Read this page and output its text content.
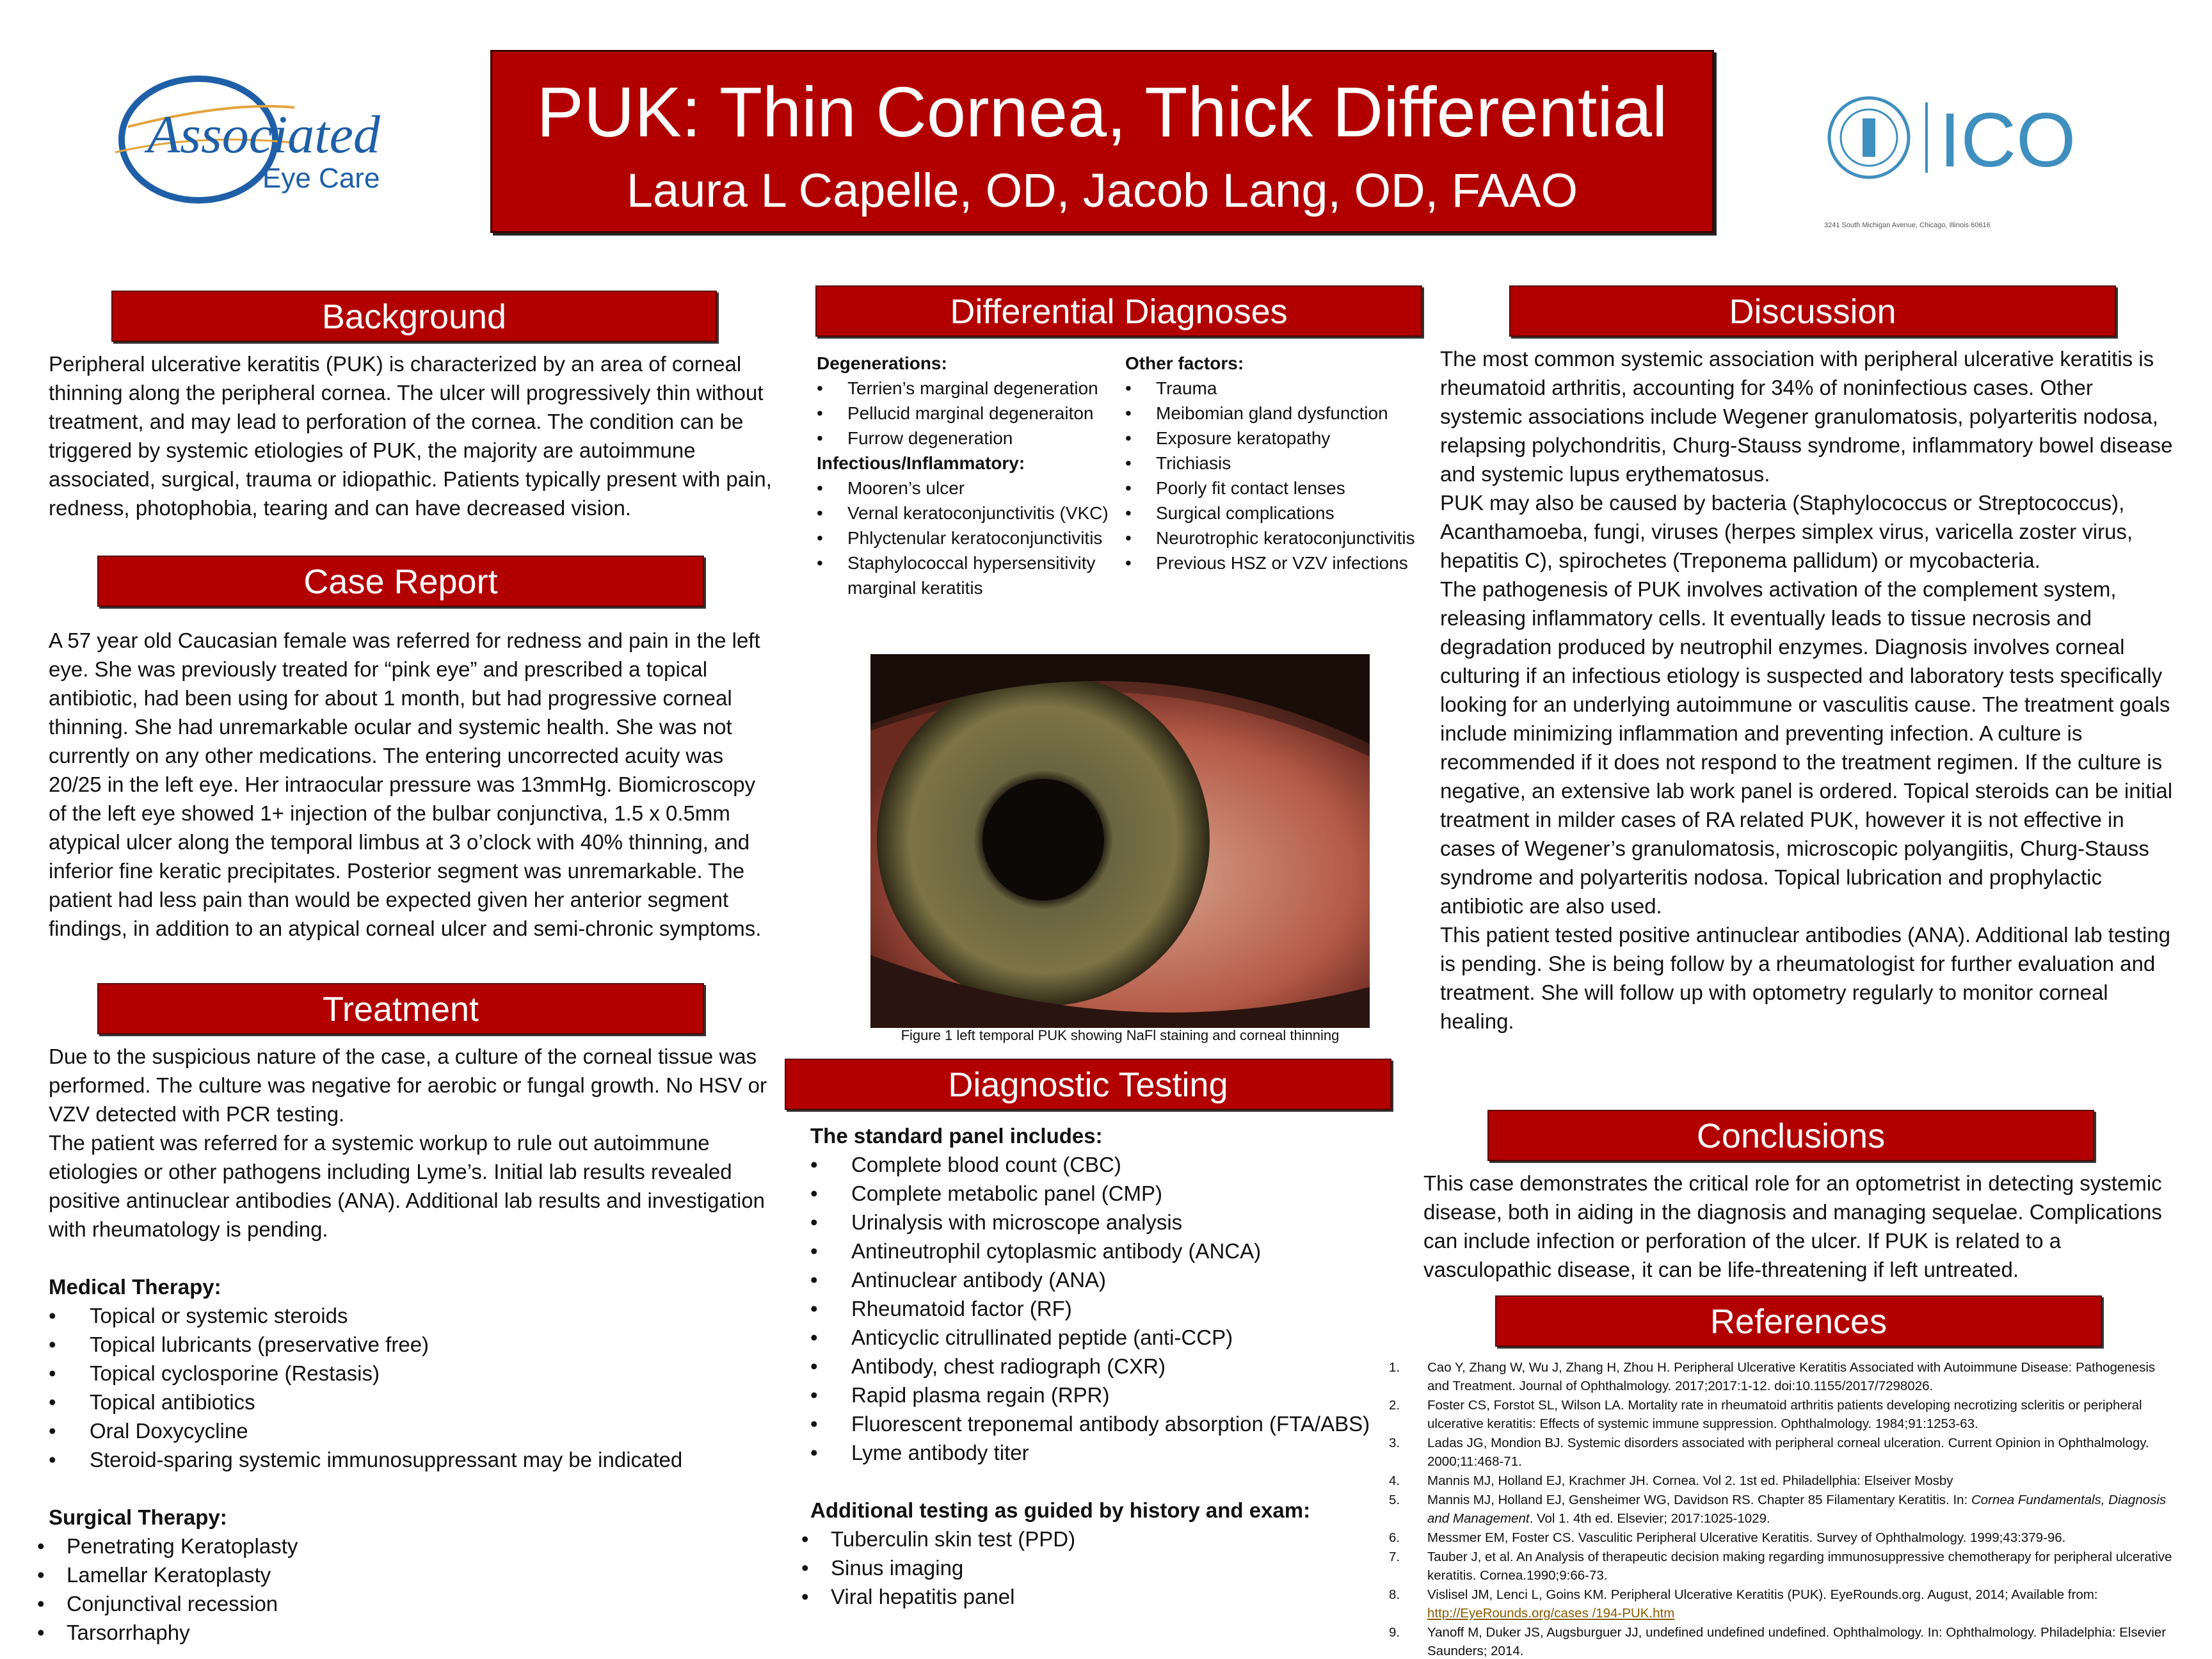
Associated
Eye Care	ICO
3241 South Michigan Avenue, Chicago, Illinois 60616
PUK: Thin Cornea, Thick Differential
Laura L Capelle, OD, Jacob Lang, OD, FAAO
Background
Peripheral ulcerative keratitis (PUK) is characterized by an area of corneal thinning along the peripheral cornea. The ulcer will progressively thin without treatment, and may lead to perforation of the cornea. The condition can be triggered by systemic etiologies of PUK, the majority are autoimmune associated, surgical, trauma or idiopathic. Patients typically present with pain, redness, photophobia, tearing and can have decreased vision.
Case Report
A 57 year old Caucasian female was referred for redness and pain in the left eye. She was previously treated for “pink eye” and prescribed a topical antibiotic, had been using for about 1 month, but had progressive corneal thinning. She had unremarkable ocular and systemic health. She was not currently on any other medications. The entering uncorrected acuity was 20/25 in the left eye. Her intraocular pressure was 13mmHg. Biomicroscopy of the left eye showed 1+ injection of the bulbar conjunctiva, 1.5 x 0.5mm atypical ulcer along the temporal limbus at 3 o’clock with 40% thinning, and inferior fine keratic precipitates. Posterior segment was unremarkable. The patient had less pain than would be expected given her anterior segment findings, in addition to an atypical corneal ulcer and semi-chronic symptoms.
Treatment

Due to the suspicious nature of the case, a culture of the corneal tissue was performed. The culture was negative for aerobic or fungal growth. No HSV or VZV detected with PCR testing.

The patient was referred for a systemic workup to rule out autoimmune etiologies or other pathogens including Lyme’s. Initial lab results revealed positive antinuclear antibodies (ANA). Additional lab results and investigation with rheumatology is pending.

Medical Therapy:

• Topical or systemic steroids
• Topical lubricants (preservative free)
• Topical cyclosporine (Restasis)
• Topical antibiotics
• Oral Doxycycline
• Steroid-sparing systemic immunosuppressant may be indicated

Surgical Therapy:

• Penetrating Keratoplasty
• Lamellar Keratoplasty
• Conjunctival recession
• Tarsorrhaphy
Differential Diagnoses

Degenerations:

• Terrien’s marginal degeneration
• Pellucid marginal degeneraiton
• Furrow degeneration

Infectious/Inflammatory:

• Mooren’s ulcer
• Vernal keratoconjunctivitis (VKC)
• Phlyctenular keratoconjunctivitis
• Staphylococcal hypersensitivity marginal keratitis

Other factors:

• Trauma
• Meibomian gland dysfunction
• Exposure keratopathy
• Trichiasis
• Poorly fit contact lenses
• Surgical complications
• Neurotrophic keratoconjunctivitis
• Previous HSZ or VZV infections
Figure 1 left temporal PUK showing NaFl staining and corneal thinning
Diagnostic Testing

The standard panel includes:

• Complete blood count (CBC)
• Complete metabolic panel (CMP)
• Urinalysis with microscope analysis
• Antineutrophil cytoplasmic antibody (ANCA)
• Antinuclear antibody (ANA)
• Rheumatoid factor (RF)
• Anticyclic citrullinated peptide (anti-CCP)
• Antibody, chest radiograph (CXR)
• Rapid plasma regain (RPR)
• Fluorescent treponemal antibody absorption (FTA/ABS)
• Lyme antibody titer

Additional testing as guided by history and exam:

• Tuberculin skin test (PPD)
• Sinus imaging
• Viral hepatitis panel
Discussion

The most common systemic association with peripheral ulcerative keratitis is rheumatoid arthritis, accounting for 34% of noninfectious cases. Other systemic associations include Wegener granulomatosis, polyarteritis nodosa, relapsing polychondritis, Churg-Stauss syndrome, inflammatory bowel disease and systemic lupus erythematosus.

PUK may also be caused by bacteria (Staphylococcus or Streptococcus), Acanthamoeba, fungi, viruses (herpes simplex virus, varicella zoster virus, hepatitis C), spirochetes (Treponema pallidum) or mycobacteria.

The pathogenesis of PUK involves activation of the complement system, releasing inflammatory cells. It eventually leads to tissue necrosis and degradation produced by neutrophil enzymes. Diagnosis involves corneal culturing if an infectious etiology is suspected and laboratory tests specifically looking for an underlying autoimmune or vasculitis cause. The treatment goals include minimizing inflammation and preventing infection. A culture is recommended if it does not respond to the treatment regimen. If the culture is negative, an extensive lab work panel is ordered. Topical steroids can be initial treatment in milder cases of RA related PUK, however it is not effective in cases of Wegener’s granulomatosis, microscopic polyangiitis, Churg-Stauss syndrome and polyarteritis nodosa. Topical lubrication and prophylactic antibiotic are also used.

This patient tested positive antinuclear antibodies (ANA). Additional lab testing is pending. She is being follow by a rheumatologist for further evaluation and treatment. She will follow up with optometry regularly to monitor corneal healing.

Conclusions
This case demonstrates the critical role for an optometrist in detecting systemic disease, both in aiding in the diagnosis and managing sequelae. Complications can include infection or perforation of the ulcer. If PUK is related to a vasculopathic disease, it can be life-threatening if left untreated.
References
1. Cao Y, Zhang W, Wu J, Zhang H, Zhou H. Peripheral Ulcerative Keratitis Associated with Autoimmune Disease: Pathogenesis and Treatment. Journal of Ophthalmology. 2017;2017:1-12. doi:10.1155/2017/7298026.
2. Foster CS, Forstot SL, Wilson LA. Mortality rate in rheumatoid arthritis patients developing necrotizing scleritis or peripheral ulcerative keratitis: Effects of systemic immune suppression. Ophthalmology. 1984;91:1253-63.
3. Ladas JG, Mondion BJ. Systemic disorders associated with peripheral corneal ulceration. Current Opinion in Ophthalmology. 2000;11:468-71.
4. Mannis MJ, Holland EJ, Krachmer JH. Cornea. Vol 2. 1st ed. Philadellphia: Elseiver Mosby
5. Mannis MJ, Holland EJ, Gensheimer WG, Davidson RS. Chapter 85 Filamentary Keratitis. In: Cornea Fundamentals, Diagnosis and Management. Vol 1. 4th ed. Elsevier; 2017:1025-1029.
6. Messmer EM, Foster CS. Vasculitic Peripheral Ulcerative Keratitis. Survey of Ophthalmology. 1999;43:379-96.
7. Tauber J, et al. An Analysis of therapeutic decision making regarding immunosuppressive chemotherapy for peripheral ulcerative keratitis. Cornea.1990;9:66-73.
8. Vislisel JM, Lenci L, Goins KM. Peripheral Ulcerative Keratitis (PUK). EyeRounds.org. August, 2014; Available from: http://EyeRounds.org/cases /194-PUK.htm
9. Yanoff M, Duker JS, Augsburguer JJ, undefined undefined undefined. Ophthalmology. In: Ophthalmology. Philadelphia: Elsevier Saunders; 2014.
